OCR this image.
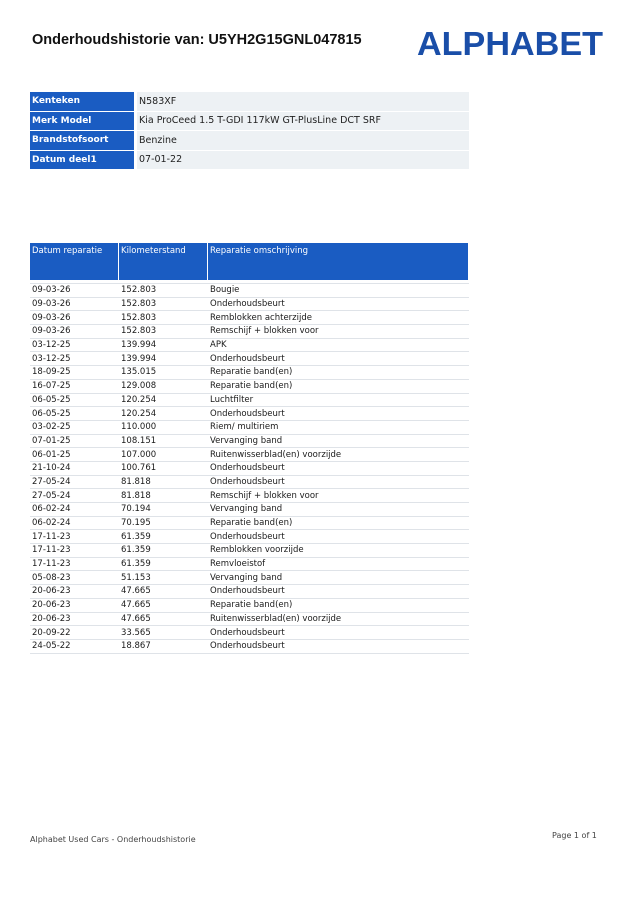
Onderhoudshistorie van: U5YH2G15GNL047815 ALPHABET
Kenteken	N583XF
Merk Model	Kia ProCeed 1.5 T-GDI 117kW GT-PlusLine DCT SRF
Brandstofsoort	Benzine
Datum deel1	07-01-22
Datum reparatie	Kilometerstand	Reparatie omschrijving

09-03-26	152.803	Bougie
09-03-26	152.803	Onderhoudsbeurt
09-03-26	152.803	Remblokken achterzijde
09-03-26	152.803	Remschijf + blokken voor
03-12-25	139.994	APK
03-12-25	139.994	Onderhoudsbeurt
18-09-25	135.015	Reparatie band(en)
16-07-25	129.008	Reparatie band(en)
06-05-25	120.254	Luchtfilter
06-05-25	120.254	Onderhoudsbeurt
03-02-25	110.000	Riem/ multiriem
07-01-25	108.151	Vervanging band
06-01-25	107.000	Ruitenwisserblad(en) voorzijde
21-10-24	100.761	Onderhoudsbeurt
27-05-24	81.818	Onderhoudsbeurt
27-05-24	81.818	Remschijf + blokken voor
06-02-24	70.194	Vervanging band
06-02-24	70.195	Reparatie band(en)
17-11-23	61.359	Onderhoudsbeurt
17-11-23	61.359	Remblokken voorzijde
17-11-23	61.359	Remvloeistof
05-08-23	51.153	Vervanging band
20-06-23	47.665	Onderhoudsbeurt
20-06-23	47.665	Reparatie band(en)
20-06-23	47.665	Ruitenwisserblad(en) voorzijde
20-09-22	33.565	Onderhoudsbeurt
24-05-22	18.867	Onderhoudsbeurt
Alphabet Used Cars - Onderhoudshistorie	Page 1 of 1
